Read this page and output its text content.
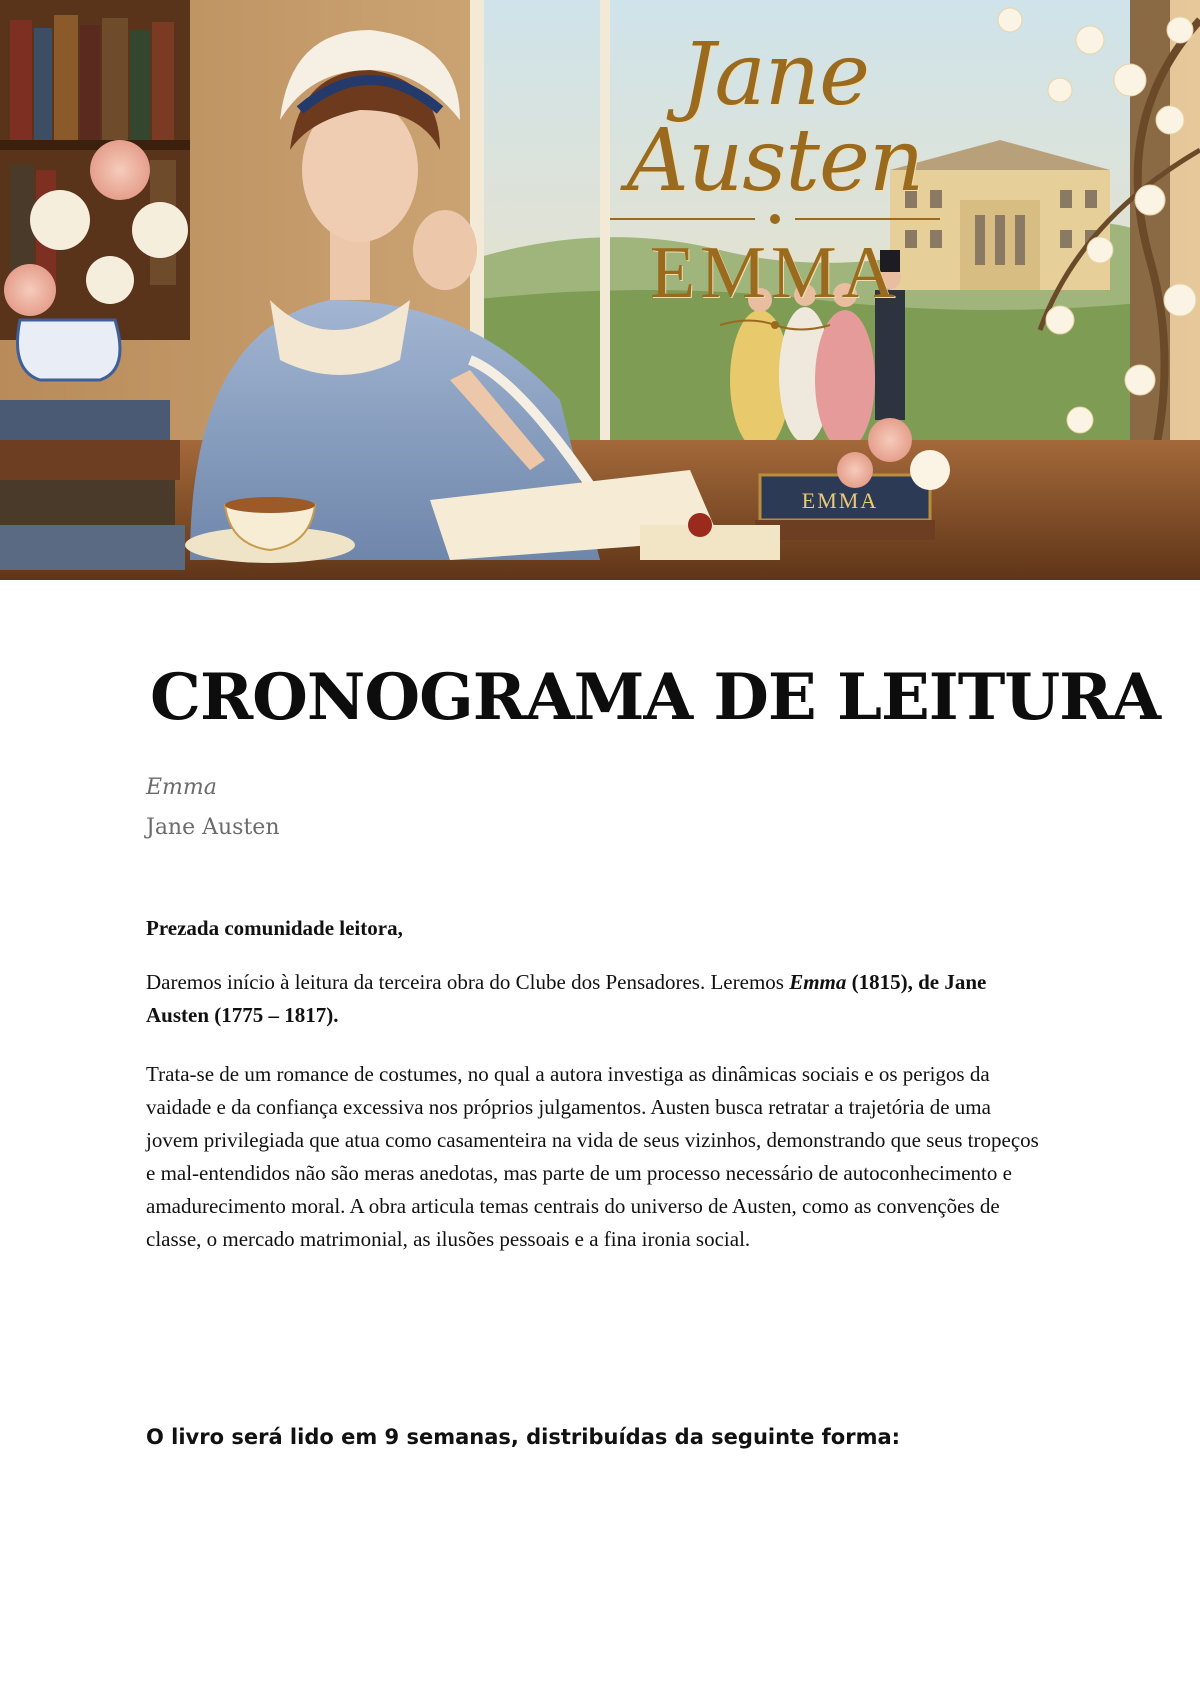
Jane Austen
EMMA
EMMA
CRONOGRAMA DE LEITURA
Emma
Jane Austen

Prezada comunidade leitora,

Daremos início à leitura da terceira obra do Clube dos Pensadores. Leremos Emma (1815), de Jane Austen (1775 – 1817).

Trata-se de um romance de costumes, no qual a autora investiga as dinâmicas sociais e os perigos da vaidade e da confiança excessiva nos próprios julgamentos. Austen busca retratar a trajetória de uma jovem privilegiada que atua como casamenteira na vida de seus vizinhos, demonstrando que seus tropeços e mal-entendidos não são meras anedotas, mas parte de um processo necessário de autoconhecimento e amadurecimento moral. A obra articula temas centrais do universo de Austen, como as convenções de classe, o mercado matrimonial, as ilusões pessoais e a fina ironia social.

O livro será lido em 9 semanas, distribuídas da seguinte forma:
